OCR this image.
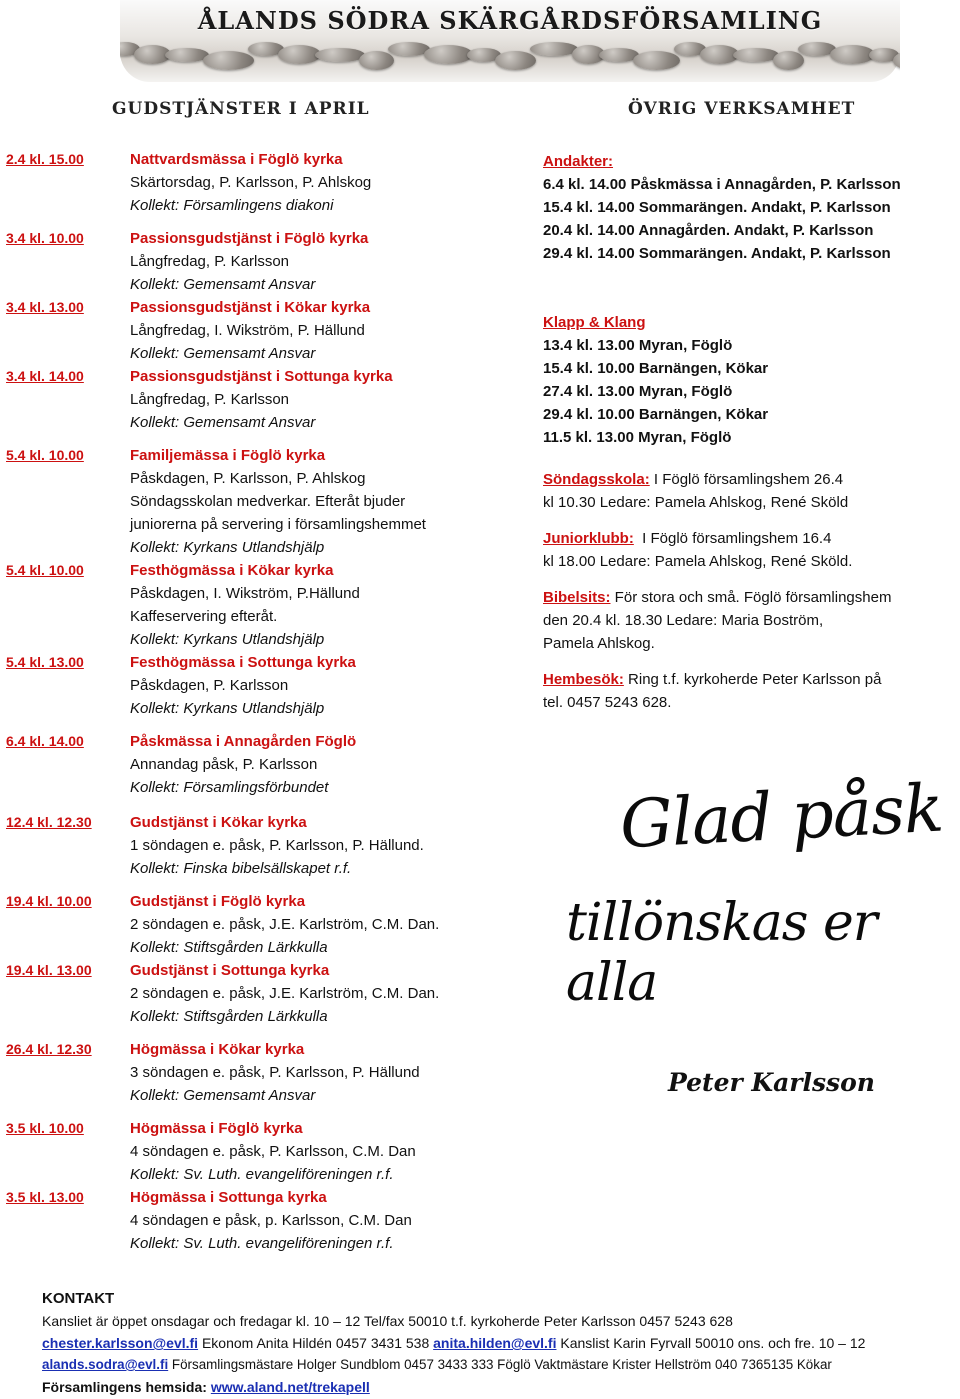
ÅLANDS SÖDRA SKÄRGÅRDSFÖRSAMLING
GUDSTJÄNSTER I APRIL	ÖVRIG VERKSAMHET
2.4 kl. 15.00	Nattvardsmässa i Föglö kyrka
Skärtorsdag, P. Karlsson, P. Ahlskog
Kollekt: Församlingens diakoni
3.4 kl. 10.00	Passionsgudstjänst i Föglö kyrka
Långfredag, P. Karlsson
Kollekt: Gemensamt Ansvar
3.4 kl. 13.00	Passionsgudstjänst i Kökar kyrka
Långfredag, I. Wikström, P. Hällund
Kollekt: Gemensamt Ansvar
3.4 kl. 14.00	Passionsgudstjänst i Sottunga kyrka
Långfredag, P. Karlsson
Kollekt: Gemensamt Ansvar
5.4 kl. 10.00	Familjemässa i Föglö kyrka
Påskdagen, P. Karlsson, P. Ahlskog
Söndagsskolan medverkar. Efteråt bjuder
juniorerna på servering i församlingshemmet
Kollekt: Kyrkans Utlandshjälp
5.4 kl. 10.00	Festhögmässa i Kökar kyrka
Påskdagen, I. Wikström, P.Hällund
Kaffeservering efteråt.
Kollekt: Kyrkans Utlandshjälp
5.4 kl. 13.00	Festhögmässa i Sottunga kyrka
Påskdagen, P. Karlsson
Kollekt: Kyrkans Utlandshjälp
6.4 kl. 14.00	Påskmässa i Annagården Föglö
Annandag påsk, P. Karlsson
Kollekt: Församlingsförbundet
12.4 kl. 12.30	Gudstjänst i Kökar kyrka
1 söndagen e. påsk, P. Karlsson, P. Hällund.
Kollekt: Finska bibelsällskapet r.f.
19.4 kl. 10.00	Gudstjänst i Föglö kyrka
2 söndagen e. påsk, J.E. Karlström, C.M. Dan.
Kollekt: Stiftsgården Lärkkulla
19.4 kl. 13.00	Gudstjänst i Sottunga kyrka
2 söndagen e. påsk, J.E. Karlström, C.M. Dan.
Kollekt: Stiftsgården Lärkkulla
26.4 kl. 12.30	Högmässa i Kökar kyrka
3 söndagen e. påsk, P. Karlsson, P. Hällund
Kollekt: Gemensamt Ansvar
3.5 kl. 10.00	Högmässa i Föglö kyrka
4 söndagen e. påsk, P. Karlsson, C.M. Dan
Kollekt: Sv. Luth. evangeliföreningen r.f.
3.5 kl. 13.00	Högmässa i Sottunga kyrka
4 söndagen e påsk, p. Karlsson, C.M. Dan
Kollekt: Sv. Luth. evangeliföreningen r.f.
Andakter:
6.4 kl. 14.00 Påskmässa i Annagården, P. Karlsson
15.4 kl. 14.00 Sommarängen. Andakt, P. Karlsson
20.4 kl. 14.00 Annagården. Andakt, P. Karlsson
29.4 kl. 14.00 Sommarängen. Andakt, P. Karlsson
Klapp & Klang
13.4 kl. 13.00 Myran, Föglö
15.4 kl. 10.00 Barnängen, Kökar
27.4 kl. 13.00 Myran, Föglö
29.4 kl. 10.00 Barnängen, Kökar
11.5 kl. 13.00 Myran, Föglö
Söndagsskola: I Föglö församlingshem 26.4
kl 10.30 Ledare: Pamela Ahlskog, René Sköld
Juniorklubb:  I Föglö församlingshem 16.4
kl 18.00 Ledare: Pamela Ahlskog, René Sköld.
Bibelsits: För stora och små. Föglö församlingshem
den 20.4 kl. 18.30 Ledare: Maria Boström,
Pamela Ahlskog.
Hembesök: Ring t.f. kyrkoherde Peter Karlsson på
tel. 0457 5243 628.
Glad påsk
tillönskas er alla
Peter Karlsson
KONTAKT
Kansliet är öppet onsdagar och fredagar kl. 10 – 12 Tel/fax 50010 t.f. kyrkoherde Peter Karlsson 0457 5243 628
chester.karlsson@evl.fi Ekonom Anita Hildén 0457 3431 538 anita.hilden@evl.fi Kanslist Karin Fyrvall 50010 ons. och fre. 10 – 12
alands.sodra@evl.fi Församlingsmästare Holger Sundblom 0457 3433 333 Föglö Vaktmästare Krister Hellström 040 7365135 Kökar
Församlingens hemsida: www.aland.net/trekapell
